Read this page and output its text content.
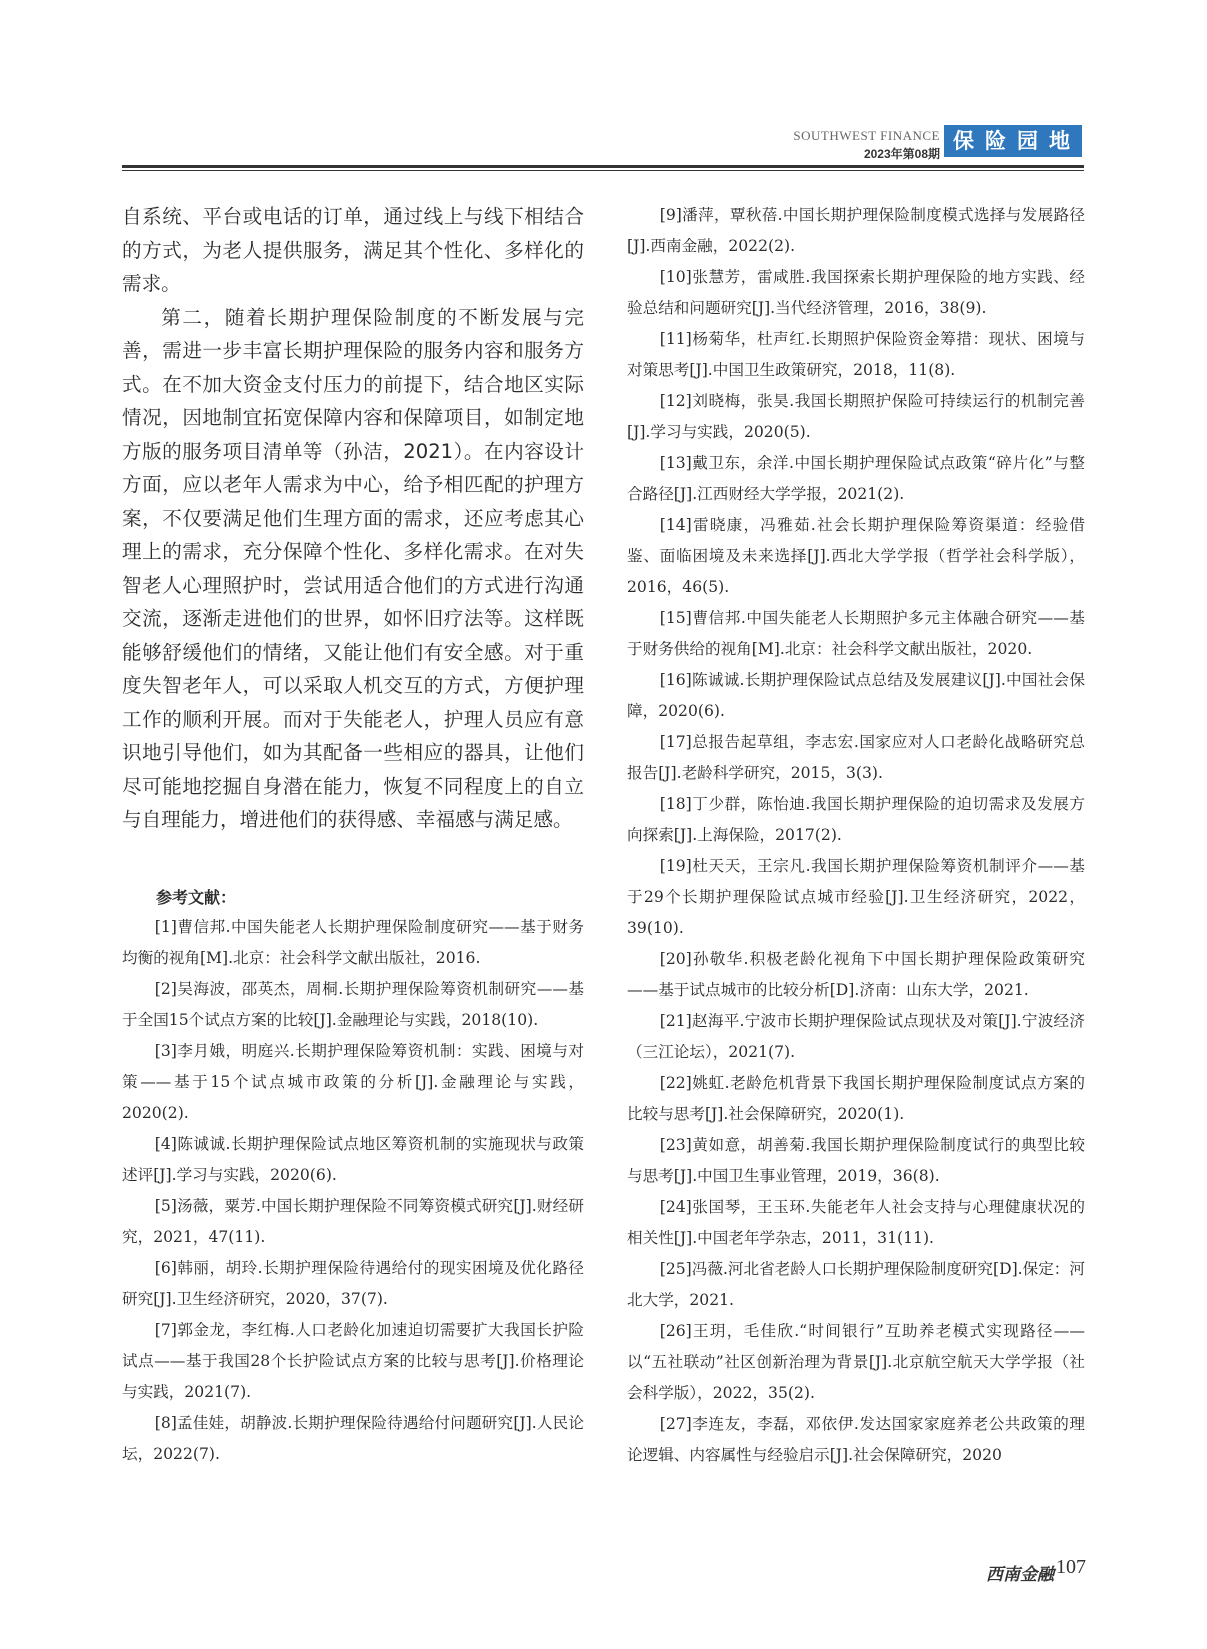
SOUTHWEST FINANCE
2023年第08期
保险园地

自系统、平台或电话的订单，通过线上与线下相结合的方式，为老人提供服务，满足其个性化、多样化的需求。

第二，随着长期护理保险制度的不断发展与完善，需进一步丰富长期护理保险的服务内容和服务方式。在不加大资金支付压力的前提下，结合地区实际情况，因地制宜拓宽保障内容和保障项目，如制定地方版的服务项目清单等（孙洁，2021）。在内容设计方面，应以老年人需求为中心，给予相匹配的护理方案，不仅要满足他们生理方面的需求，还应考虑其心理上的需求，充分保障个性化、多样化需求。在对失智老人心理照护时，尝试用适合他们的方式进行沟通交流，逐渐走进他们的世界，如怀旧疗法等。这样既能够舒缓他们的情绪，又能让他们有安全感。对于重度失智老年人，可以采取人机交互的方式，方便护理工作的顺利开展。而对于失能老人，护理人员应有意识地引导他们，如为其配备一些相应的器具，让他们尽可能地挖掘自身潜在能力，恢复不同程度上的自立与自理能力，增进他们的获得感、幸福感与满足感。

参考文献：

[1]曹信邦.中国失能老人长期护理保险制度研究——基于财务均衡的视角[M].北京：社会科学文献出版社，2016.

[2]吴海波，邵英杰，周桐.长期护理保险筹资机制研究——基于全国15个试点方案的比较[J].金融理论与实践，2018(10).

[3]李月娥，明庭兴.长期护理保险筹资机制：实践、困境与对策——基于15个试点城市政策的分析[J].金融理论与实践，2020(2).

[4]陈诚诚.长期护理保险试点地区筹资机制的实施现状与政策述评[J].学习与实践，2020(6).

[5]汤薇，粟芳.中国长期护理保险不同筹资模式研究[J].财经研究，2021，47(11).

[6]韩丽，胡玲.长期护理保险待遇给付的现实困境及优化路径研究[J].卫生经济研究，2020，37(7).

[7]郭金龙，李红梅.人口老龄化加速迫切需要扩大我国长护险试点——基于我国28个长护险试点方案的比较与思考[J].价格理论与实践，2021(7).

[8]孟佳娃，胡静波.长期护理保险待遇给付问题研究[J].人民论坛，2022(7).

[9]潘萍，覃秋蓓.中国长期护理保险制度模式选择与发展路径[J].西南金融，2022(2).

[10]张慧芳，雷咸胜.我国探索长期护理保险的地方实践、经验总结和问题研究[J].当代经济管理，2016，38(9).

[11]杨菊华，杜声红.长期照护保险资金筹措：现状、困境与对策思考[J].中国卫生政策研究，2018，11(8).

[12]刘晓梅，张昊.我国长期照护保险可持续运行的机制完善[J].学习与实践，2020(5).

[13]戴卫东，余洋.中国长期护理保险试点政策“碎片化”与整合路径[J].江西财经大学学报，2021(2).

[14]雷晓康，冯雅茹.社会长期护理保险筹资渠道：经验借鉴、面临困境及未来选择[J].西北大学学报（哲学社会科学版），2016，46(5).

[15]曹信邦.中国失能老人长期照护多元主体融合研究——基于财务供给的视角[M].北京：社会科学文献出版社，2020.

[16]陈诚诚.长期护理保险试点总结及发展建议[J].中国社会保障，2020(6).

[17]总报告起草组，李志宏.国家应对人口老龄化战略研究总报告[J].老龄科学研究，2015，3(3).

[18]丁少群，陈怡迪.我国长期护理保险的迫切需求及发展方向探索[J].上海保险，2017(2).

[19]杜天天，王宗凡.我国长期护理保险筹资机制评介——基于29个长期护理保险试点城市经验[J].卫生经济研究，2022，39(10).

[20]孙敬华.积极老龄化视角下中国长期护理保险政策研究——基于试点城市的比较分析[D].济南：山东大学，2021.

[21]赵海平.宁波市长期护理保险试点现状及对策[J].宁波经济（三江论坛），2021(7).

[22]姚虹.老龄危机背景下我国长期护理保险制度试点方案的比较与思考[J].社会保障研究，2020(1).

[23]黄如意，胡善菊.我国长期护理保险制度试行的典型比较与思考[J].中国卫生事业管理，2019，36(8).

[24]张国琴，王玉环.失能老年人社会支持与心理健康状况的相关性[J].中国老年学杂志，2011，31(11).

[25]冯薇.河北省老龄人口长期护理保险制度研究[D].保定：河北大学，2021.

[26]王玥，毛佳欣.“时间银行”互助养老模式实现路径——以“五社联动”社区创新治理为背景[J].北京航空航天大学学报（社会科学版），2022，35(2).

[27]李连友，李磊，邓依伊.发达国家家庭养老公共政策的理论逻辑、内容属性与经验启示[J].社会保障研究，2020

西南金融 107
